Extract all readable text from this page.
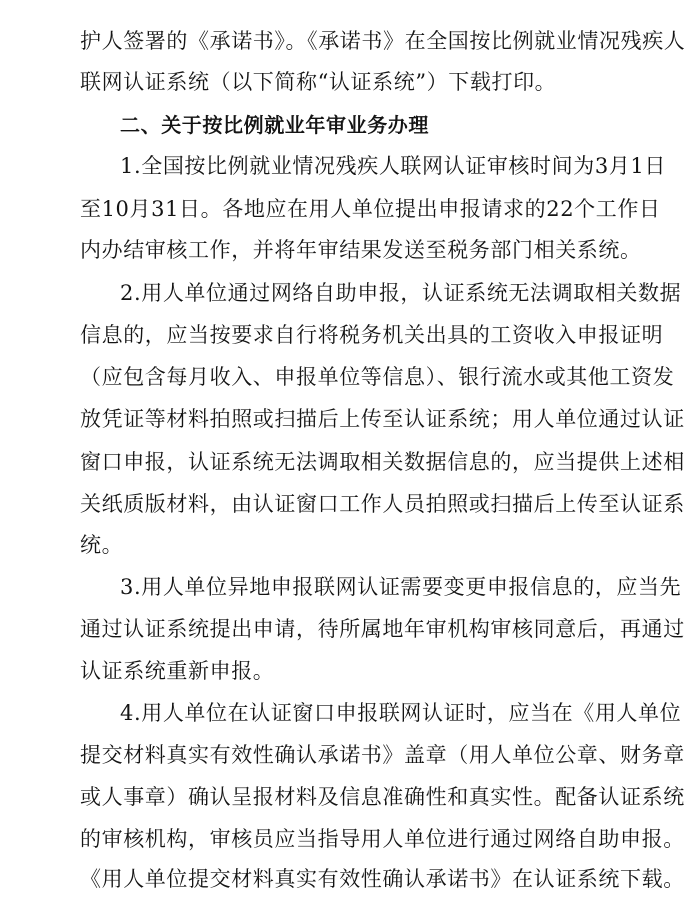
护人签署的《承诺书》。《承诺书》在全国按比例就业情况残疾人
联网认证系统（以下简称“认证系统”）下载打印。
二、关于按比例就业年审业务办理
1.全国按比例就业情况残疾人联网认证审核时间为3月1日
至10月31日。各地应在用人单位提出申报请求的22个工作日
内办结审核工作，并将年审结果发送至税务部门相关系统。
2.用人单位通过网络自助申报，认证系统无法调取相关数据
信息的，应当按要求自行将税务机关出具的工资收入申报证明
（应包含每月收入、申报单位等信息）、银行流水或其他工资发
放凭证等材料拍照或扫描后上传至认证系统；用人单位通过认证
窗口申报，认证系统无法调取相关数据信息的，应当提供上述相
关纸质版材料，由认证窗口工作人员拍照或扫描后上传至认证系
统。
3.用人单位异地申报联网认证需要变更申报信息的，应当先
通过认证系统提出申请，待所属地年审机构审核同意后，再通过
认证系统重新申报。
4.用人单位在认证窗口申报联网认证时，应当在《用人单位
提交材料真实有效性确认承诺书》盖章（用人单位公章、财务章
或人事章）确认呈报材料及信息准确性和真实性。配备认证系统
的审核机构，审核员应当指导用人单位进行通过网络自助申报。
《用人单位提交材料真实有效性确认承诺书》在认证系统下载。
